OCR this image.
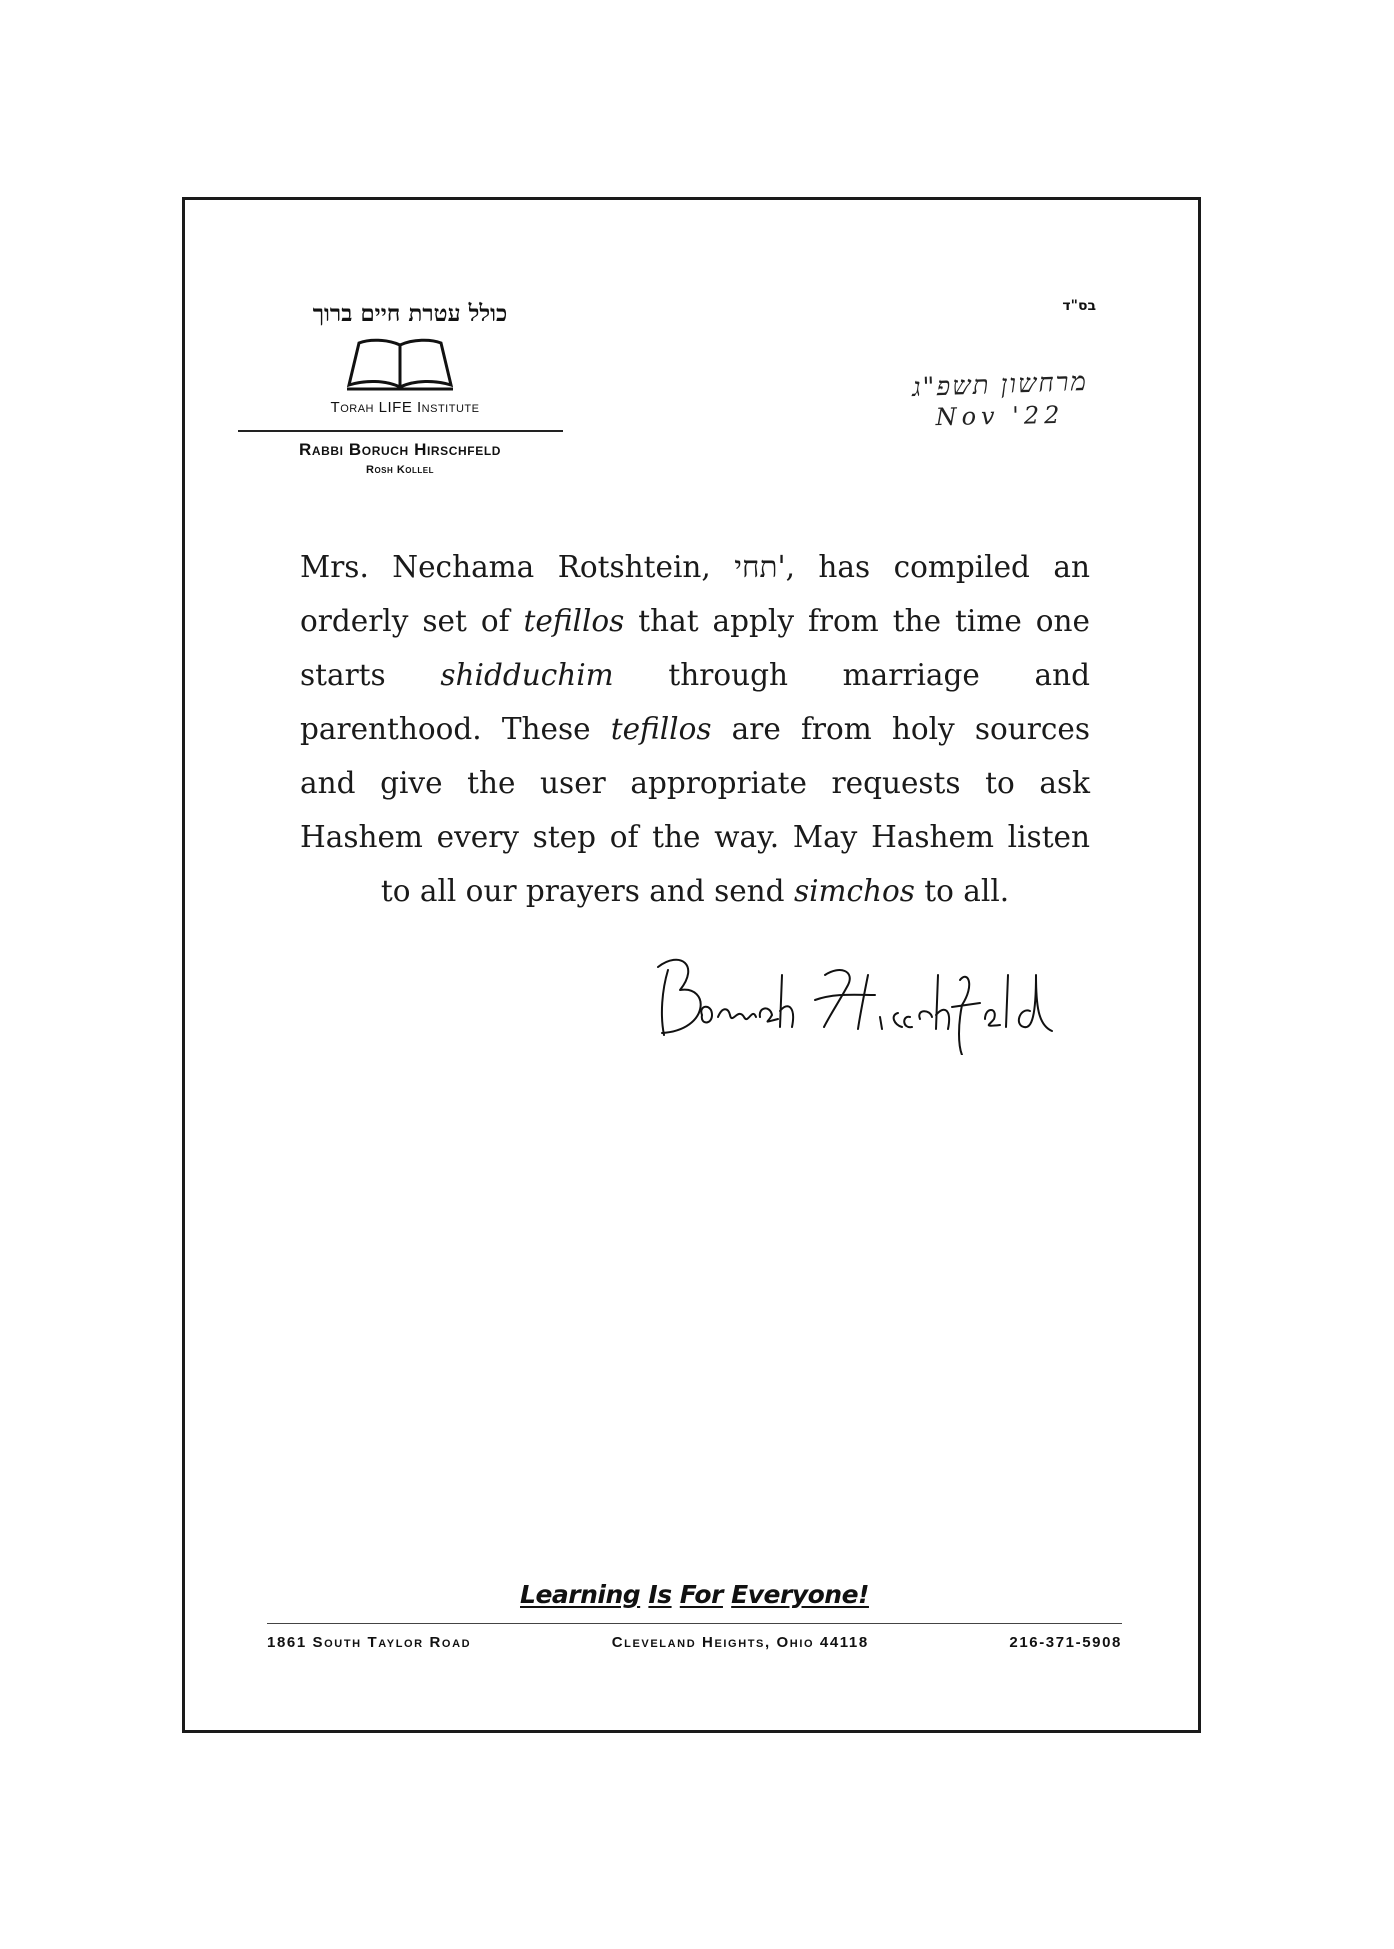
כולל עטרת חיים ברוך
Torah LIFE Institute
Rabbi Boruch Hirschfeld
Rosh Kollel
בס"ד
מרחשון תשפ"ג
Nov '22
Mrs. Nechama Rotshtein, תחי', has compiled an orderly set of tefillos that apply from the time one starts shidduchim through marriage and parenthood. These tefillos are from holy sources and give the user appropriate requests to ask Hashem every step of the way. May Hashem listen to all our prayers and send simchos to all.
Learning Is For Everyone!
1861 South Taylor Road	Cleveland Heights, Ohio 44118	216-371-5908
